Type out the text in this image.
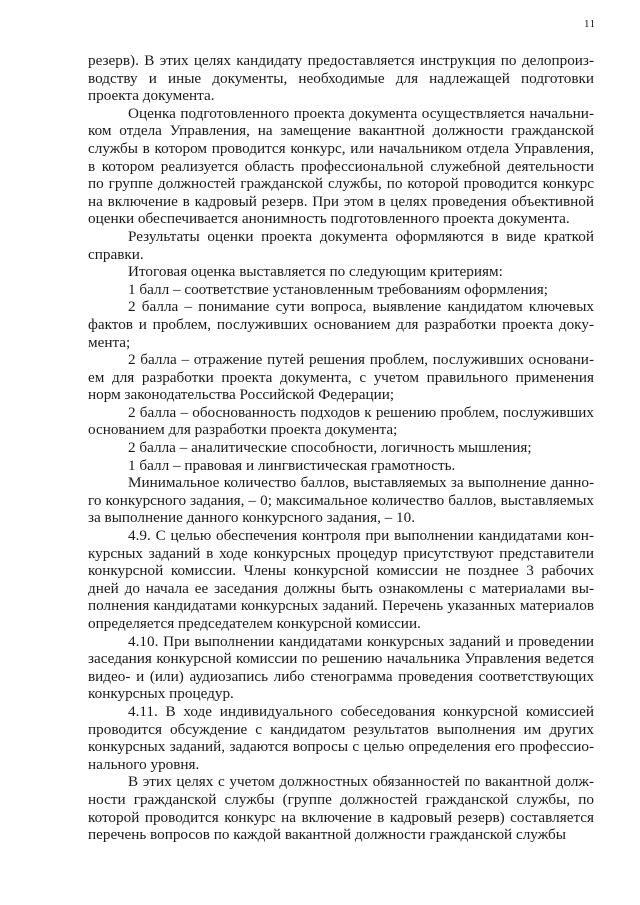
11

резерв). В этих целях кандидату предоставляется инструкция по делопроизводству и иные документы, необходимые для надлежащей подготовки проекта документа.

Оценка подготовленного проекта документа осуществляется начальником отдела Управления, на замещение вакантной должности гражданской службы в котором проводится конкурс, или начальником отдела Управления, в котором реализуется область профессиональной служебной деятельности по группе должностей гражданской службы, по которой проводится конкурс на включение в кадровый резерв. При этом в целях проведения объективной оценки обеспечивается анонимность подготовленного проекта документа.

Результаты оценки проекта документа оформляются в виде краткой справки.

Итоговая оценка выставляется по следующим критериям:

1 балл – соответствие установленным требованиям оформления;

2 балла – понимание сути вопроса, выявление кандидатом ключевых фактов и проблем, послуживших основанием для разработки проекта документа;

2 балла – отражение путей решения проблем, послуживших основанием для разработки проекта документа, с учетом правильного применения норм законодательства Российской Федерации;

2 балла – обоснованность подходов к решению проблем, послуживших основанием для разработки проекта документа;

2 балла – аналитические способности, логичность мышления;

1 балл – правовая и лингвистическая грамотность.

Минимальное количество баллов, выставляемых за выполнение данного конкурсного задания, – 0; максимальное количество баллов, выставляемых за выполнение данного конкурсного задания, – 10.

4.9. С целью обеспечения контроля при выполнении кандидатами конкурсных заданий в ходе конкурсных процедур присутствуют представители конкурсной комиссии. Члены конкурсной комиссии не позднее 3 рабочих дней до начала ее заседания должны быть ознакомлены с материалами выполнения кандидатами конкурсных заданий. Перечень указанных материалов определяется председателем конкурсной комиссии.

4.10. При выполнении кандидатами конкурсных заданий и проведении заседания конкурсной комиссии по решению начальника Управления ведется видео- и (или) аудиозапись либо стенограмма проведения соответствующих конкурсных процедур.

4.11. В ходе индивидуального собеседования конкурсной комиссией проводится обсуждение с кандидатом результатов выполнения им других конкурсных заданий, задаются вопросы с целью определения его профессионального уровня.

В этих целях с учетом должностных обязанностей по вакантной должности гражданской службы (группе должностей гражданской службы, по которой проводится конкурс на включение в кадровый резерв) составляется перечень вопросов по каждой вакантной должности гражданской службы
